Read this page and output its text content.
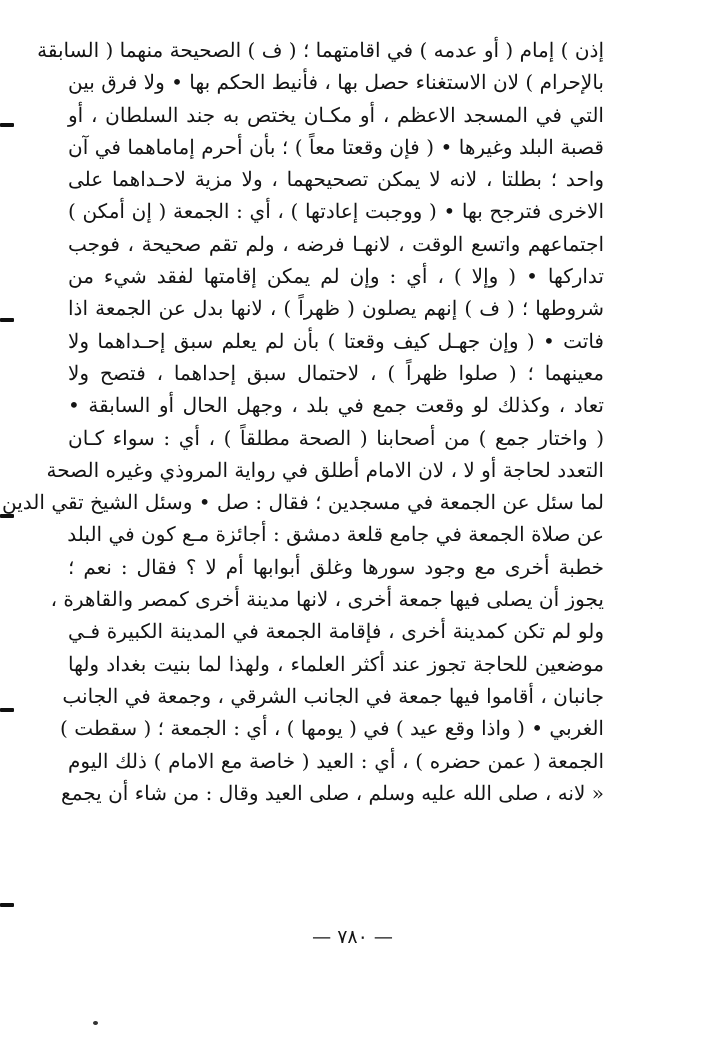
إذن ) إمام ( أو عدمه ) في اقامتهما ؛ ( ف ) الصحيحة منهما ( السابقة
بالإحرام ) لان الاستغناء حصل بها ، فأنيط الحكم بها • ولا فرق بين
التي في المسجد الاعظم ، أو مكـان يختص به جند السلطان ، أو
قصبة البلد وغيرها • ( فإن وقعتا معاً ) ؛ بأن أحرم إماماهما في آن
واحد ؛ بطلتا ، لانه لا يمكن تصحيحهما ، ولا مزية لاحـداهما على
الاخرى فترجح بها • ( ووجبت إعادتها ) ، أي : الجمعة ( إن أمكن )
اجتماعهم واتسع الوقت ، لانهـا فرضه ، ولم تقم صحيحة ، فوجب
تداركها • ( وإلا ) ، أي : وإن لم يمكن إقامتها لفقد شيء من
شروطها ؛ ( ف ) إنهم يصلون ( ظهراً ) ، لانها بدل عن الجمعة اذا
فاتت • ( وإن جهـل كيف وقعتا ) بأن لم يعلم سبق إحـداهما ولا
معينهما ؛ ( صلوا ظهراً ) ، لاحتمال سبق إحداهما ، فتصح ولا
تعاد ، وكذلك لو وقعت جمع في بلد ، وجهل الحال أو السابقة •
( واختار جمع ) من أصحابنا ( الصحة مطلقاً ) ، أي : سواء كـان
التعدد لحاجة أو لا ، لان الامام أطلق في رواية المروذي وغيره الصحة
لما سئل عن الجمعة في مسجدين ؛ فقال : صل • وسئل الشيخ تقي الدين
عن صلاة الجمعة في جامع قلعة دمشق : أجائزة مـع كون في البلد
خطبة أخرى مع وجود سورها وغلق أبوابها أم لا ؟ فقال : نعم ؛
يجوز أن يصلى فيها جمعة أخرى ، لانها مدينة أخرى كمصر والقاهرة ،
ولو لم تكن كمدينة أخرى ، فإقامة الجمعة في المدينة الكبيرة فـي
موضعين للحاجة تجوز عند أكثر العلماء ، ولهذا لما بنيت بغداد ولها
جانبان ، أقاموا فيها جمعة في الجانب الشرقي ، وجمعة في الجانب
الغربي • ( واذا وقع عيد ) في ( يومها ) ، أي : الجمعة ؛ ( سقطت )
الجمعة ( عمن حضره ) ، أي : العيد ( خاصة مع الامام ) ذلك اليوم
« لانه ، صلى الله عليه وسلم ، صلى العيد وقال : من شاء أن يجمع
— ٧٨٠ —
